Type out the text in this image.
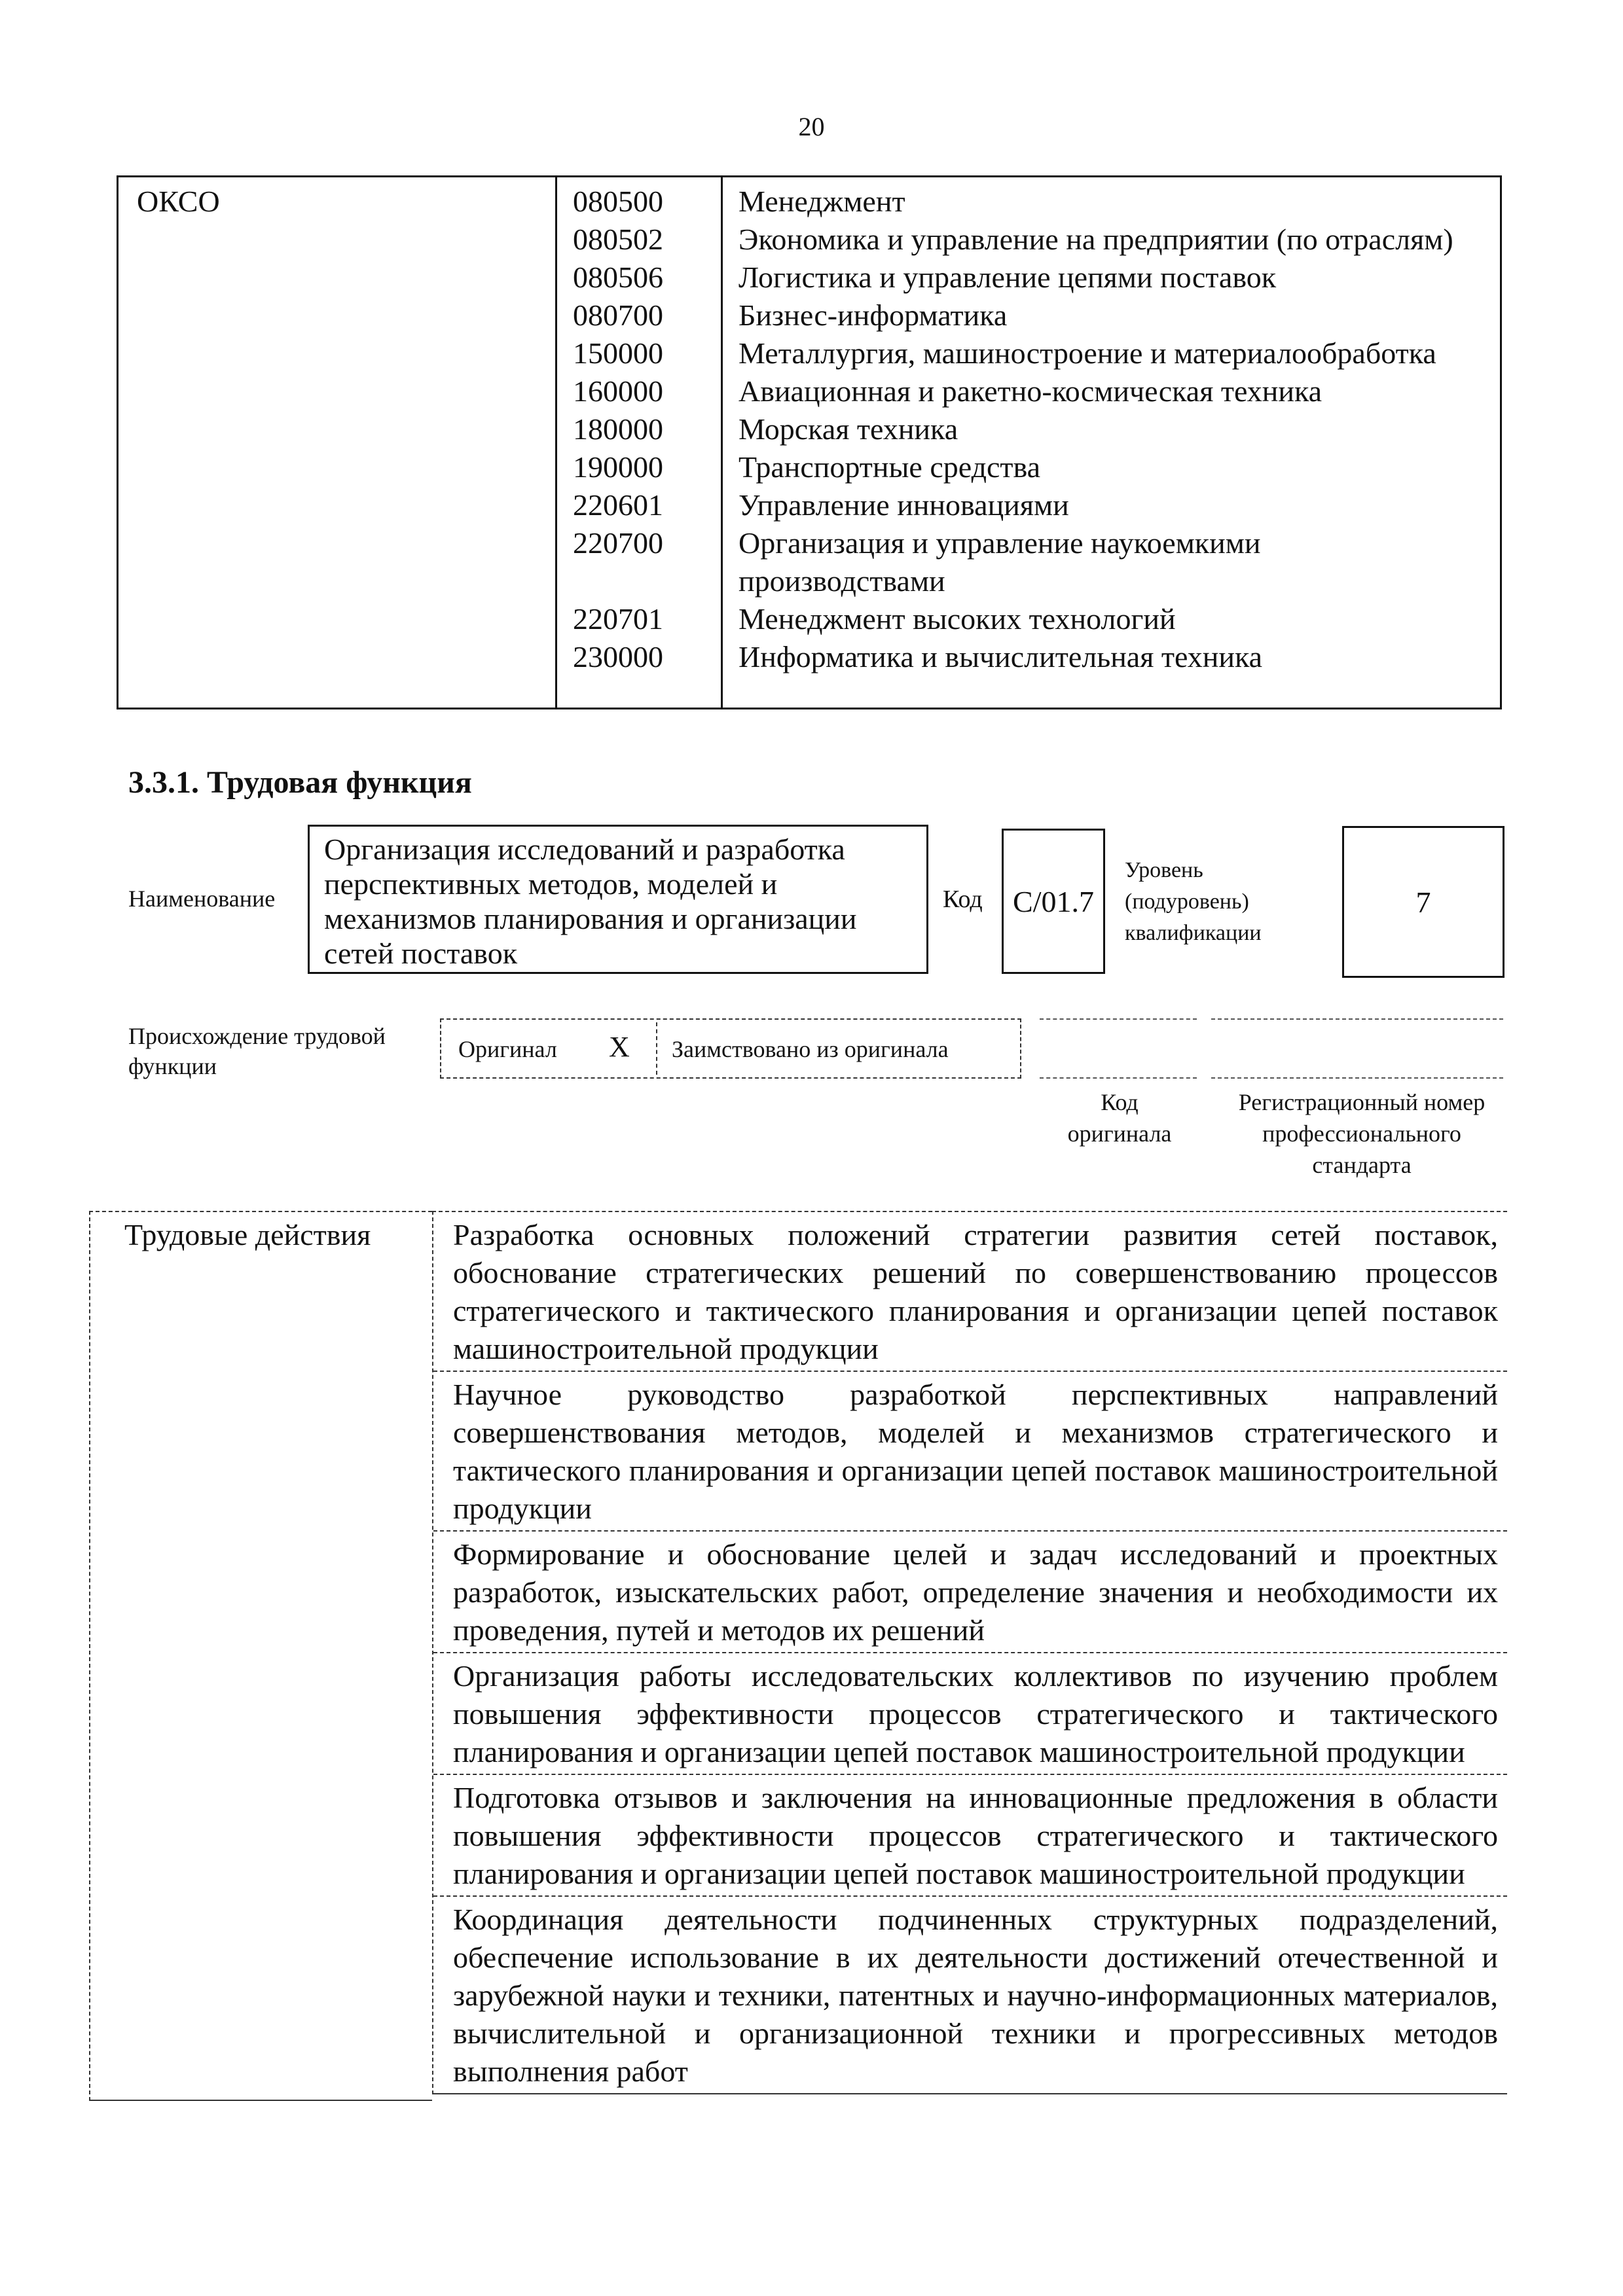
20
ОКСО	080500
080502
080506
080700
150000
160000
180000
190000
220601
220700
220701
230000
Менеджмент
Экономика и управление на предприятии (по отраслям)
Логистика и управление цепями поставок
Бизнес-информатика
Металлургия, машиностроение и материалообработка
Авиационная и ракетно-космическая техника
Морская техника
Транспортные средства
Управление инновациями
Организация и управление наукоемкими
производствами
Менеджмент высоких технологий
Информатика и вычислительная техника
3.3.1. Трудовая функция
Наименование
Организация исследований и разработка перспективных методов, моделей и механизмов планирования и организации сетей поставок
Код C/01.7
Уровень
(подуровень)
квалификации
7
Происхождение трудовой
функции
Оригинал X Заимствовано из оригинала
Код
оригинала
Регистрационный номер
профессионального
стандарта
Трудовые действия	Разработка основных положений стратегии развития сетей поставок, обоснование стратегических решений по совершенствованию процессов стратегического и тактического планирования и организации цепей поставок машиностроительной продукции
Научное руководство разработкой перспективных направлений совершенствования методов, моделей и механизмов стратегического и тактического планирования и организации цепей поставок машиностроительной продукции
Формирование и обоснование целей и задач исследований и проектных разработок, изыскательских работ, определение значения и необходимости их проведения, путей и методов их решений
Организация работы исследовательских коллективов по изучению проблем повышения эффективности процессов стратегического и тактического планирования и организации цепей поставок машиностроительной продукции
Подготовка отзывов и заключения на инновационные предложения в области повышения эффективности процессов стратегического и тактического планирования и организации цепей поставок машиностроительной продукции
Координация деятельности подчиненных структурных подразделений, обеспечение использование в их деятельности достижений отечественной и зарубежной науки и техники, патентных и научно-информационных материалов, вычислительной и организационной техники и прогрессивных методов выполнения работ
